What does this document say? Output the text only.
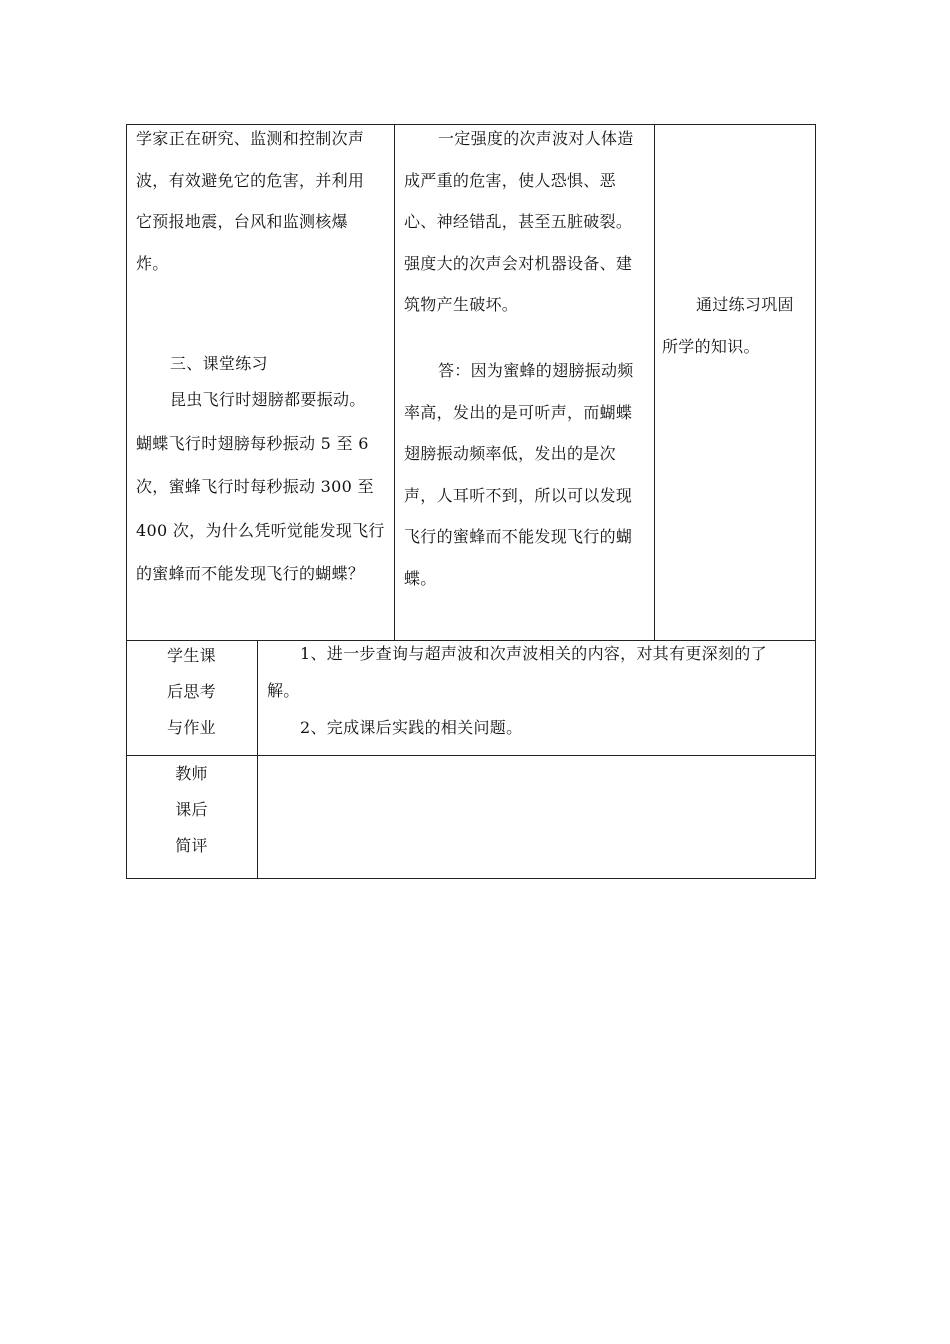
学家正在研究、监测和控制次声

波，有效避免它的危害，并利用

它预报地震，台风和监测核爆

炸。

三、课堂练习

昆虫飞行时翅膀都要振动。

蝴蝶飞行时翅膀每秒振动 5 至 6

次，蜜蜂飞行时每秒振动 300 至

400 次，为什么凭听觉能发现飞行

的蜜蜂而不能发现飞行的蝴蝶？

一定强度的次声波对人体造

成严重的危害，使人恐惧、恶

心、神经错乱，甚至五脏破裂。

强度大的次声会对机器设备、建

筑物产生破坏。

答：因为蜜蜂的翅膀振动频

率高，发出的是可听声，而蝴蝶

翅膀振动频率低，发出的是次

声，人耳听不到，所以可以发现

飞行的蜜蜂而不能发现飞行的蝴

蝶。

通过练习巩固

所学的知识。

学生课

后思考

与作业

1、进一步查询与超声波和次声波相关的内容，对其有更深刻的了

解。

2、完成课后实践的相关问题。

教师

课后

简评
